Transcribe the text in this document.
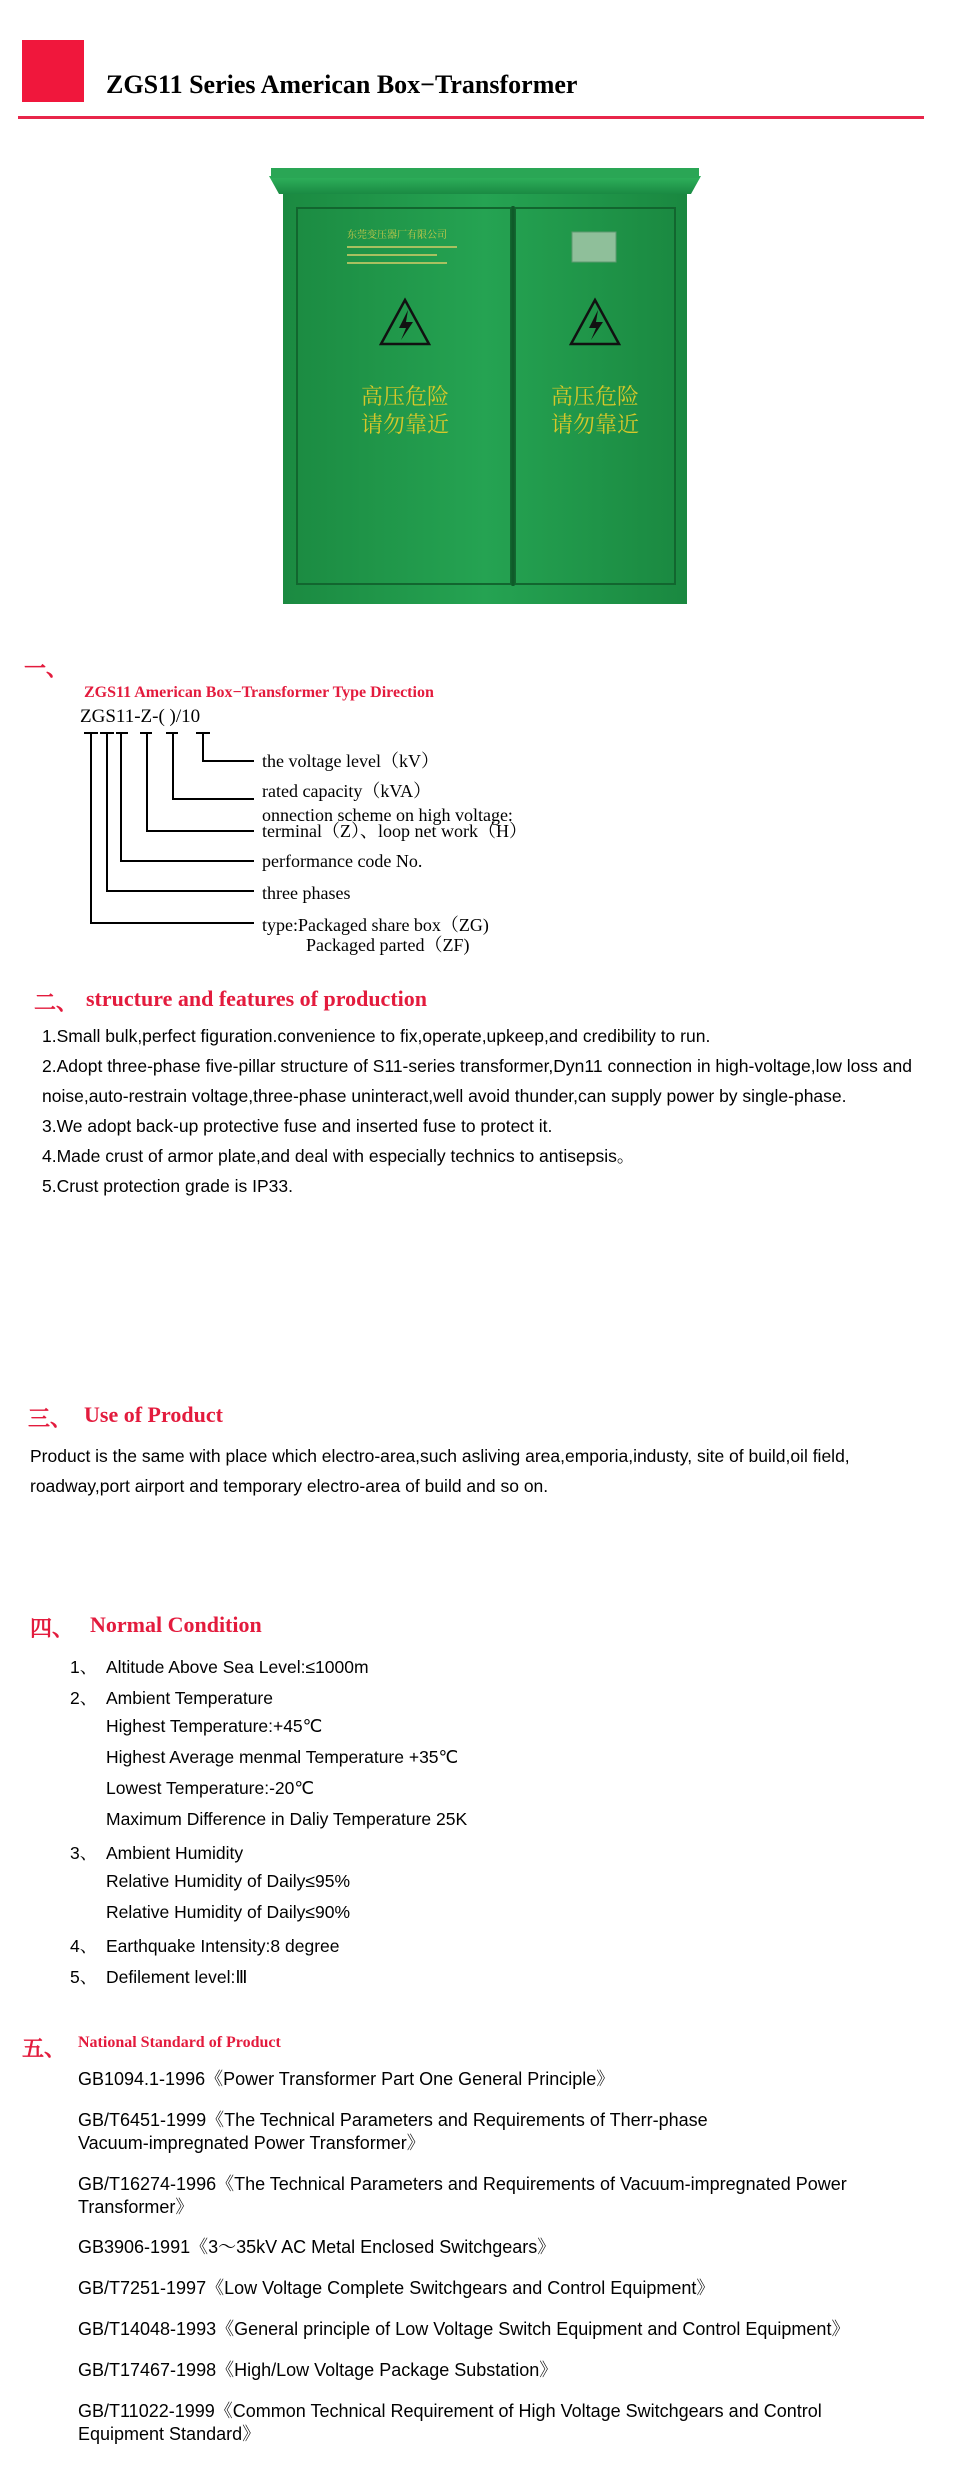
ZGS11 Series American Box−Transformer
东莞变压器厂有限公司
高压危险
请勿靠近
高压危险
请勿靠近
一、
ZGS11 American Box−Transformer Type Direction
ZGS11-Z-( )/10
the voltage level（kV）
rated capacity（kVA）
onnection scheme on high voltage:
terminal（Z）、loop net work（H）
performance code No.
three phases
type:Packaged share box（ZG)
Packaged parted（ZF)
二、 structure and features of production
1.Small bulk,perfect figuration.convenience to fix,operate,upkeep,and credibility to run.
2.Adopt three-phase five-pillar structure of S11-series transformer,Dyn11 connection in high-voltage,low loss and
noise,auto-restrain voltage,three-phase uninteract,well avoid thunder,can supply power by single-phase.
3.We adopt back-up protective fuse and inserted fuse to protect it.
4.Made crust of armor plate,and deal with especially technics to antisepsis。
5.Crust protection grade is IP33.
三、 Use of Product
Product is the same with place which electro-area,such asliving area,emporia,industy, site of build,oil field,
roadway,port airport and temporary electro-area of build and so on.
四、 Normal Condition
1、 Altitude Above Sea Level:≤1000m
2、 Ambient Temperature
Highest Temperature:+45℃
Highest Average menmal Temperature +35℃
Lowest Temperature:-20℃
Maximum Difference in Daliy Temperature 25K
3、 Ambient Humidity
Relative Humidity of Daily≤95%
Relative Humidity of Daily≤90%
4、 Earthquake Intensity:8 degree
5、 Defilement level:Ⅲ
五、 National Standard of Product
GB1094.1-1996《Power Transformer Part One General Principle》
GB/T6451-1999《The Technical Parameters and Requirements of Therr-phase
Vacuum-impregnated Power Transformer》
GB/T16274-1996《The Technical Parameters and Requirements of Vacuum-impregnated Power
Transformer》
GB3906-1991《3～35kV AC Metal Enclosed Switchgears》
GB/T7251-1997《Low Voltage Complete Switchgears and Control Equipment》
GB/T14048-1993《General principle of Low Voltage Switch Equipment and Control Equipment》
GB/T17467-1998《High/Low Voltage Package Substation》
GB/T11022-1999《Common Technical Requirement of High Voltage Switchgears and Control
Equipment Standard》
